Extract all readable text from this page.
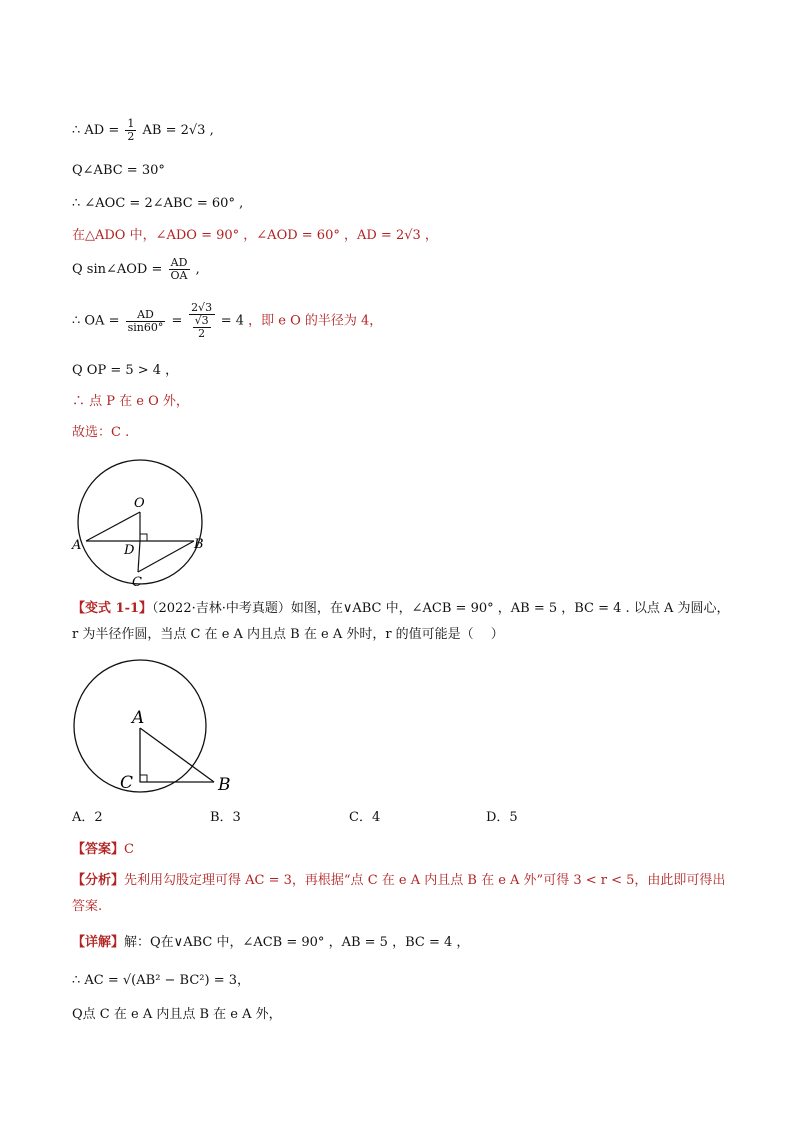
∴ AD = $\frac{1}{2}$ AB = 2√3 ,
Q∠ABC = 30°
∴ ∠AOC = 2∠ABC = 60° ,
在△ADO 中，∠ADO = 90° ，∠AOD = 60° ，AD = 2√3 ，
Q sin∠AOD = $\frac{AD}{OA}$ ,
∴ OA = $\frac{AD}{\sin 60^\circ} = \frac{2√3}{\frac{√3}{2}} = 4$ ，即 e O 的半径为 4，
Q OP = 5 > 4 ，
∴ 点 P 在 e O 外，
故选：C .
O
A	D	B
C
【变式 1-1】（2022·吉林·中考真题）如图，在∨ABC 中，∠ACB = 90° ，AB = 5 ，BC = 4 . 以点 A 为圆心，r 为半径作圆，当点 C 在 e A 内且点 B 在 e A 外时，r 的值可能是（　 ）
A
C	B
A．2	B．3	C．4	D．5
【答案】C
【分析】先利用勾股定理可得 AC = 3，再根据“点 C 在 e A 内且点 B 在 e A 外”可得 3 < r < 5，由此即可得出答案.
【详解】解：Q在∨ABC 中，∠ACB = 90° ，AB = 5 ，BC = 4 ，
∴ AC = √(AB² − BC²) = 3，
Q点 C 在 e A 内且点 B 在 e A 外，
